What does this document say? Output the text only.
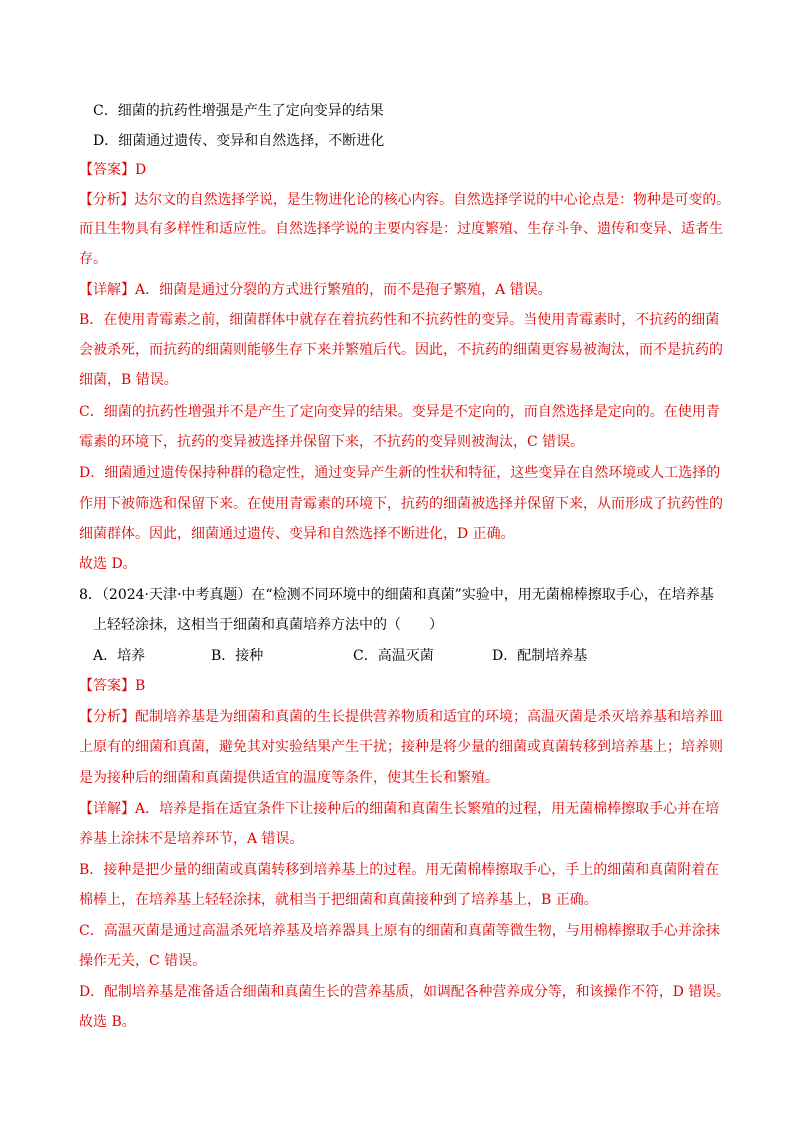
C．细菌的抗药性增强是产生了定向变异的结果
D．细菌通过遗传、变异和自然选择，不断进化
【答案】D
【分析】达尔文的自然选择学说，是生物进化论的核心内容。自然选择学说的中心论点是：物种是可变的。
而且生物具有多样性和适应性。自然选择学说的主要内容是：过度繁殖、生存斗争、遗传和变异、适者生
存。
【详解】A．细菌是通过分裂的方式进行繁殖的，而不是孢子繁殖，A 错误。
B．在使用青霉素之前，细菌群体中就存在着抗药性和不抗药性的变异。当使用青霉素时，不抗药的细菌
会被杀死，而抗药的细菌则能够生存下来并繁殖后代。因此，不抗药的细菌更容易被淘汰，而不是抗药的
细菌，B 错误。
C．细菌的抗药性增强并不是产生了定向变异的结果。变异是不定向的，而自然选择是定向的。在使用青
霉素的环境下，抗药的变异被选择并保留下来，不抗药的变异则被淘汰，C 错误。
D．细菌通过遗传保持种群的稳定性，通过变异产生新的性状和特征，这些变异在自然环境或人工选择的
作用下被筛选和保留下来。在使用青霉素的环境下，抗药的细菌被选择并保留下来，从而形成了抗药性的
细菌群体。因此，细菌通过遗传、变异和自然选择不断进化，D 正确。
故选 D。
8．（2024·天津·中考真题）在“检测不同环境中的细菌和真菌”实验中，用无菌棉棒擦取手心，在培养基
上轻轻涂抹，这相当于细菌和真菌培养方法中的（　　）
A．培养	B．接种	C．高温灭菌	D．配制培养基
【答案】B
【分析】配制培养基是为细菌和真菌的生长提供营养物质和适宜的环境；高温灭菌是杀灭培养基和培养皿
上原有的细菌和真菌，避免其对实验结果产生干扰；接种是将少量的细菌或真菌转移到培养基上；培养则
是为接种后的细菌和真菌提供适宜的温度等条件，使其生长和繁殖。
【详解】A．培养是指在适宜条件下让接种后的细菌和真菌生长繁殖的过程，用无菌棉棒擦取手心并在培
养基上涂抹不是培养环节，A 错误。
B．接种是把少量的细菌或真菌转移到培养基上的过程。用无菌棉棒擦取手心，手上的细菌和真菌附着在
棉棒上，在培养基上轻轻涂抹，就相当于把细菌和真菌接种到了培养基上，B 正确。
C．高温灭菌是通过高温杀死培养基及培养器具上原有的细菌和真菌等微生物，与用棉棒擦取手心并涂抹
操作无关，C 错误。
D．配制培养基是准备适合细菌和真菌生长的营养基质，如调配各种营养成分等，和该操作不符，D 错误。
故选 B。
